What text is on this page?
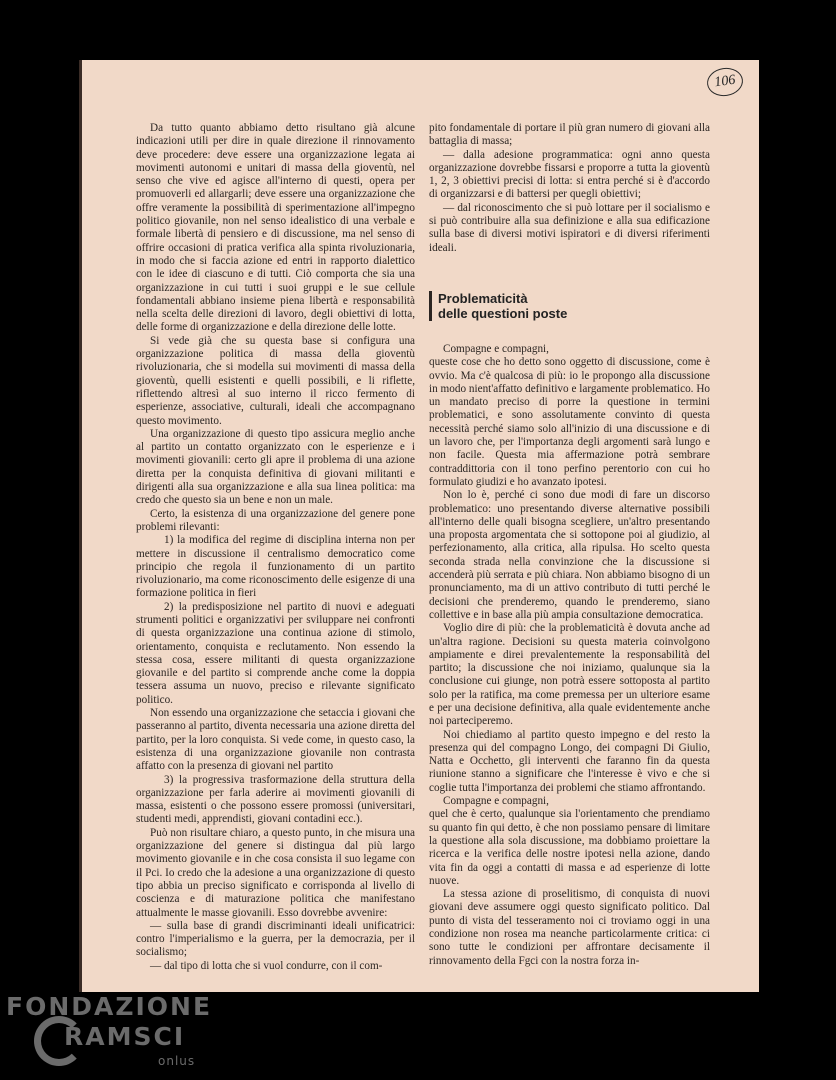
106

Da tutto quanto abbiamo detto risultano già alcune indicazioni utili per dire in quale direzione il rinnovamento deve procedere: deve essere una organizzazione legata ai movimenti autonomi e unitari di massa della gioventù, nel senso che vive ed agisce all'interno di questi, opera per promuoverli ed allargarli; deve essere una organizzazione che offre veramente la possibilità di sperimentazione all'impegno politico giovanile, non nel senso idealistico di una verbale e formale libertà di pensiero e di discussione, ma nel senso di offrire occasioni di pratica verifica alla spinta rivoluzionaria, in modo che si faccia azione ed entri in rapporto dialettico con le idee di ciascuno e di tutti. Ciò comporta che sia una organizzazione in cui tutti i suoi gruppi e le sue cellule fondamentali abbiano insieme piena libertà e responsabilità nella scelta delle direzioni di lavoro, degli obiettivi di lotta, delle forme di organizzazione e della direzione delle lotte.

Si vede già che su questa base si configura una organizzazione politica di massa della gioventù rivoluzionaria, che si modella sui movimenti di massa della gioventù, quelli esistenti e quelli possibili, e li riflette, riflettendo altresì al suo interno il ricco fermento di esperienze, associative, culturali, ideali che accompagnano questo movimento.

Una organizzazione di questo tipo assicura meglio anche al partito un contatto organizzato con le esperienze e i movimenti giovanili: certo gli apre il problema di una azione diretta per la conquista definitiva di giovani militanti e dirigenti alla sua organizzazione e alla sua linea politica: ma credo che questo sia un bene e non un male.

Certo, la esistenza di una organizzazione del genere pone problemi rilevanti:

1) la modifica del regime di disciplina interna non per mettere in discussione il centralismo democratico come principio che regola il funzionamento di un partito rivoluzionario, ma come riconoscimento delle esigenze di una formazione politica in fieri

2) la predisposizione nel partito di nuovi e adeguati strumenti politici e organizzativi per sviluppare nei confronti di questa organizzazione una continua azione di stimolo, orientamento, conquista e reclutamento. Non essendo la stessa cosa, essere militanti di questa organizzazione giovanile e del partito si comprende anche come la doppia tessera assuma un nuovo, preciso e rilevante significato politico.

Non essendo una organizzazione che setaccia i giovani che passeranno al partito, diventa necessaria una azione diretta del partito, per la loro conquista. Si vede come, in questo caso, la esistenza di una organizzazione giovanile non contrasta affatto con la presenza di giovani nel partito

3) la progressiva trasformazione della struttura della organizzazione per farla aderire ai movimenti giovanili di massa, esistenti o che possono essere promossi (universitari, studenti medi, apprendisti, giovani contadini ecc.).

Può non risultare chiaro, a questo punto, in che misura una organizzazione del genere si distingua dal più largo movimento giovanile e in che cosa consista il suo legame con il Pci. Io credo che la adesione a una organizzazione di questo tipo abbia un preciso significato e corrisponda al livello di coscienza e di maturazione politica che manifestano attualmente le masse giovanili. Esso dovrebbe avvenire:

— sulla base di grandi discriminanti ideali unificatrici: contro l'imperialismo e la guerra, per la democrazia, per il socialismo;

— dal tipo di lotta che si vuol condurre, con il com-

pito fondamentale di portare il più gran numero di giovani alla battaglia di massa;

— dalla adesione programmatica: ogni anno questa organizzazione dovrebbe fissarsi e proporre a tutta la gioventù 1, 2, 3 obiettivi precisi di lotta: si entra perché si è d'accordo di organizzarsi e di battersi per quegli obiettivi;

— dal riconoscimento che si può lottare per il socialismo e si può contribuire alla sua definizione e alla sua edificazione sulla base di diversi motivi ispiratori e di diversi riferimenti ideali.

Problematicità
delle questioni poste

Compagne e compagni,

queste cose che ho detto sono oggetto di discussione, come è ovvio. Ma c'è qualcosa di più: io le propongo alla discussione in modo nient'affatto definitivo e largamente problematico. Ho un mandato preciso di porre la questione in termini problematici, e sono assolutamente convinto di questa necessità perché siamo solo all'inizio di una discussione e di un lavoro che, per l'importanza degli argomenti sarà lungo e non facile. Questa mia affermazione potrà sembrare contraddittoria con il tono perfino perentorio con cui ho formulato giudizi e ho avanzato ipotesi.

Non lo è, perché ci sono due modi di fare un discorso problematico: uno presentando diverse alternative possibili all'interno delle quali bisogna scegliere, un'altro presentando una proposta argomentata che si sottopone poi al giudizio, al perfezionamento, alla critica, alla ripulsa. Ho scelto questa seconda strada nella convinzione che la discussione si accenderà più serrata e più chiara. Non abbiamo bisogno di un pronunciamento, ma di un attivo contributo di tutti perché le decisioni che prenderemo, quando le prenderemo, siano collettive e in base alla più ampia consultazione democratica.

Voglio dire di più: che la problematicità è dovuta anche ad un'altra ragione. Decisioni su questa materia coinvolgono ampiamente e direi prevalentemente la responsabilità del partito; la discussione che noi iniziamo, qualunque sia la conclusione cui giunge, non potrà essere sottoposta al partito solo per la ratifica, ma come premessa per un ulteriore esame e per una decisione definitiva, alla quale evidentemente anche noi parteciperemo.

Noi chiediamo al partito questo impegno e del resto la presenza qui del compagno Longo, dei compagni Di Giulio, Natta e Occhetto, gli interventi che faranno fin da questa riunione stanno a significare che l'interesse è vivo e che si coglie tutta l'importanza dei problemi che stiamo affrontando.

Compagne e compagni,

quel che è certo, qualunque sia l'orientamento che prendiamo su quanto fin qui detto, è che non possiamo pensare di limitare la questione alla sola discussione, ma dobbiamo proiettare la ricerca e la verifica delle nostre ipotesi nella azione, dando vita fin da oggi a contatti di massa e ad esperienze di lotte nuove.

La stessa azione di proselitismo, di conquista di nuovi giovani deve assumere oggi questo significato politico. Dal punto di vista del tesseramento noi ci troviamo oggi in una condizione non rosea ma neanche particolarmente critica: ci sono tutte le condizioni per affrontare decisamente il rinnovamento della Fgci con la nostra forza in-

FONDAZIONE
RAMSCI
onlus
